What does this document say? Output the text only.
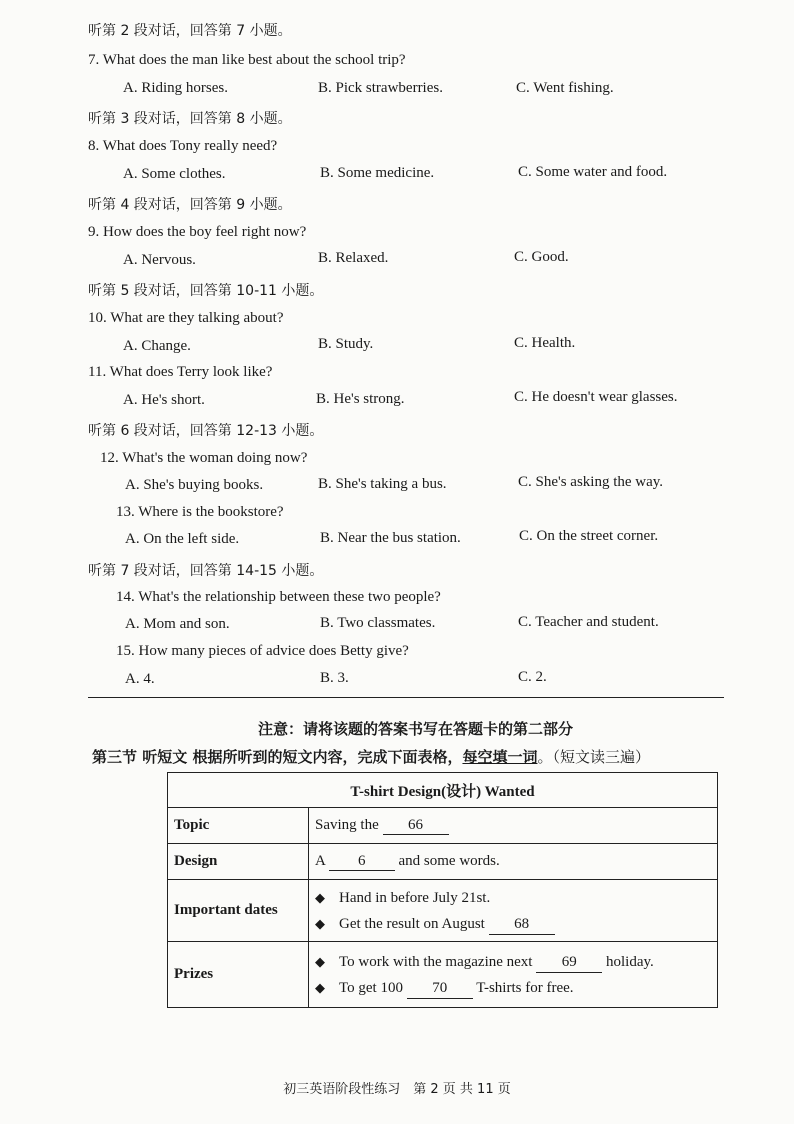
听第 2 段对话，回答第 7 小题。
7. What does the man like best about the school trip?
A. Riding horses.	B. Pick strawberries.	C. Went fishing.
听第 3 段对话，回答第 8 小题。
8. What does Tony really need?
A. Some clothes.	B. Some medicine.	C. Some water and food.
听第 4 段对话，回答第 9 小题。
9. How does the boy feel right now?
A. Nervous.	B. Relaxed.	C. Good.
听第 5 段对话，回答第 10-11 小题。
10. What are they talking about?
A. Change.	B. Study.	C. Health.
11. What does Terry look like?
A. He's short.	B. He's strong.	C. He doesn't wear glasses.
听第 6 段对话，回答第 12-13 小题。
12. What's the woman doing now?
A. She's buying books.	B. She's taking a bus.	C. She's asking the way.
13. Where is the bookstore?
A. On the left side.	B. Near the bus station.	C. On the street corner.
听第 7 段对话，回答第 14-15 小题。
14. What's the relationship between these two people?
A. Mom and son.	B. Two classmates.	C. Teacher and student.
15. How many pieces of advice does Betty give?
A. 4.	B. 3.	C. 2.
注意：请将该题的答案书写在答题卡的第二部分
第三节 听短文 根据所听到的短文内容，完成下面表格，每空填一词。（短文读三遍）
T-shirt Design(设计) Wanted	
Topic	Saving the 66
Design	A 6 and some words.
Important dates	◆ Hand in before July 21st.
◆ Get the result on August 68

Prizes	◆ To work with the magazine next 69 holiday.
◆ To get 100 70 T-shirts for free.
初三英语阶段性练习　第 2 页 共 11 页
